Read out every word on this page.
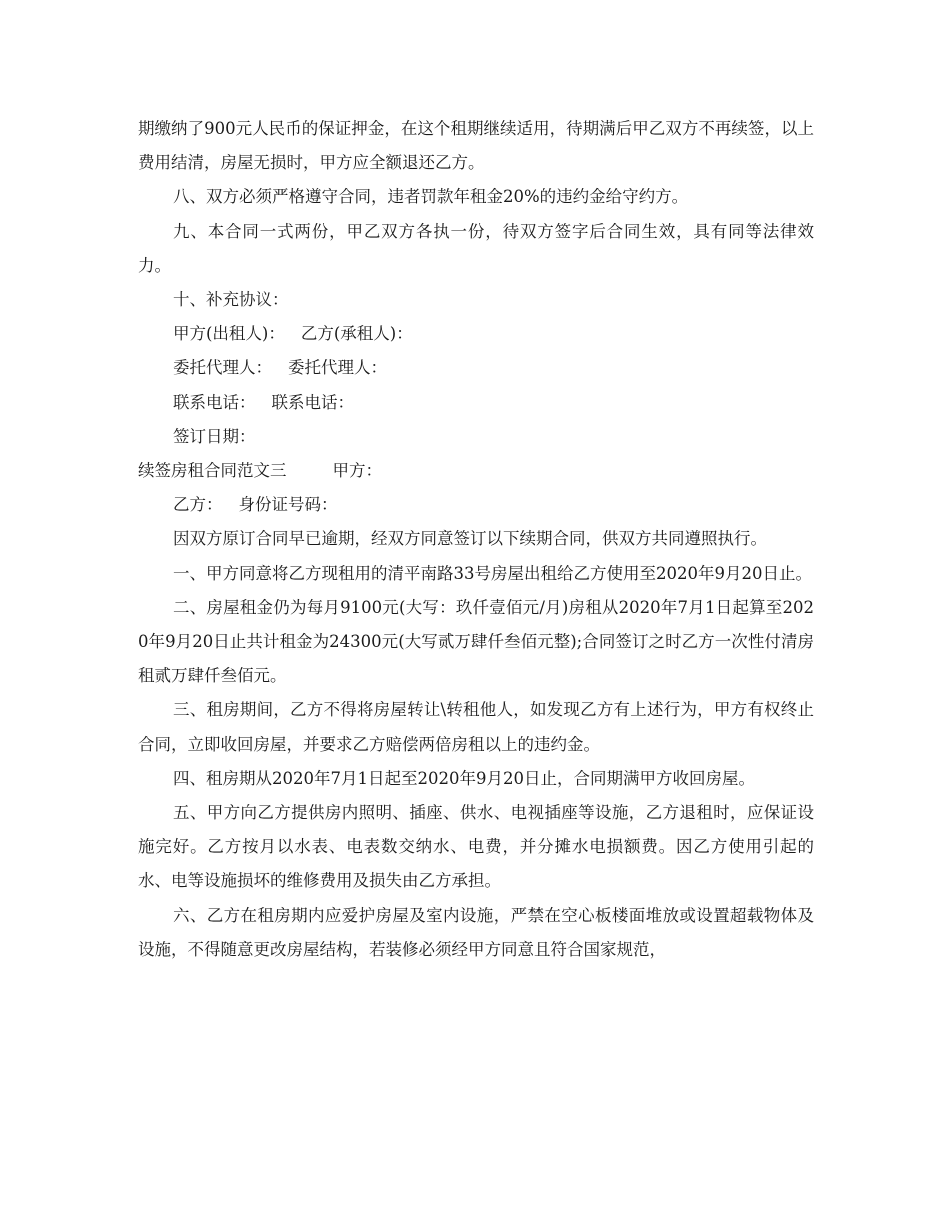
期缴纳了900元人民币的保证押金，在这个租期继续适用，待期满后甲乙双方不再续签，以上费用结清，房屋无损时，甲方应全额退还乙方。

八、双方必须严格遵守合同，违者罚款年租金20%的违约金给守约方。

九、本合同一式两份，甲乙双方各执一份，待双方签字后合同生效，具有同等法律效力。

十、补充协议：

甲方(出租人)： 乙方(承租人)：

委托代理人： 委托代理人：

联系电话： 联系电话：

签订日期：

续签房租合同范文三	甲方：

乙方： 身份证号码：

因双方原订合同早已逾期，经双方同意签订以下续期合同，供双方共同遵照执行。

一、甲方同意将乙方现租用的清平南路33号房屋出租给乙方使用至2020年9月20日止。

二、房屋租金仍为每月9100元(大写：玖仟壹佰元/月)房租从2020年7月1日起算至2020年9月20日止共计租金为24300元(大写贰万肆仟叁佰元整);合同签订之时乙方一次性付清房租贰万肆仟叁佰元。

三、租房期间，乙方不得将房屋转让\转租他人，如发现乙方有上述行为，甲方有权终止合同，立即收回房屋，并要求乙方赔偿两倍房租以上的违约金。

四、租房期从2020年7月1日起至2020年9月20日止，合同期满甲方收回房屋。

五、甲方向乙方提供房内照明、插座、供水、电视插座等设施，乙方退租时，应保证设施完好。乙方按月以水表、电表数交纳水、电费，并分摊水电损额费。因乙方使用引起的水、电等设施损坏的维修费用及损失由乙方承担。

六、乙方在租房期内应爱护房屋及室内设施，严禁在空心板楼面堆放或设置超载物体及设施，不得随意更改房屋结构，若装修必须经甲方同意且符合国家规范，
